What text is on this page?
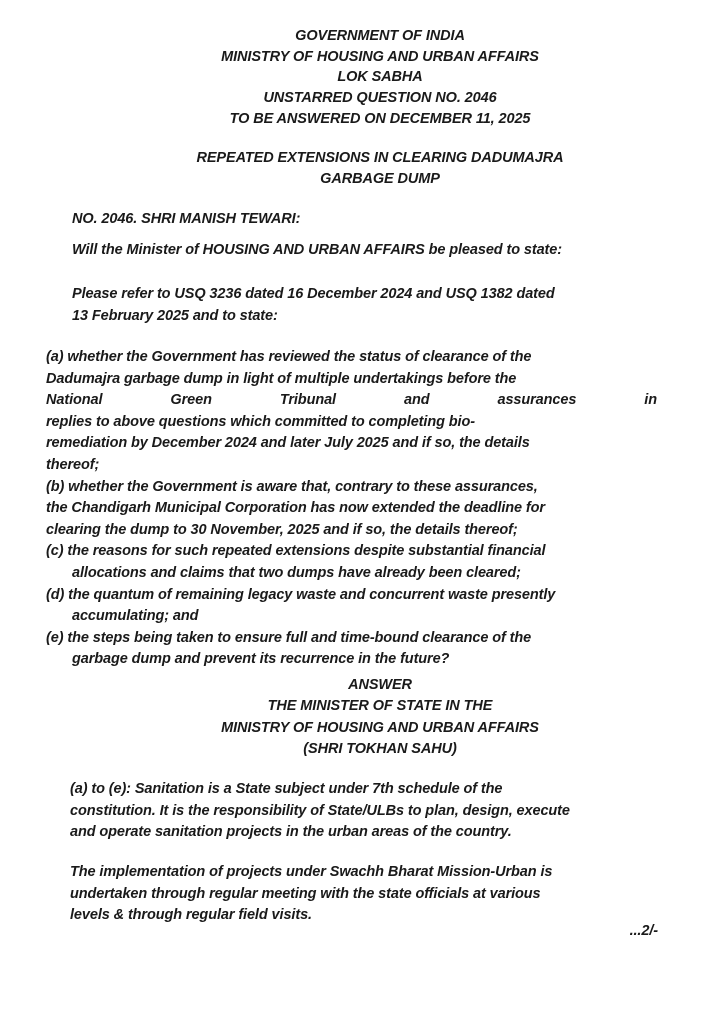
GOVERNMENT OF INDIA
MINISTRY OF HOUSING AND URBAN AFFAIRS
LOK SABHA
UNSTARRED QUESTION NO. 2046
TO BE ANSWERED ON DECEMBER 11, 2025
REPEATED EXTENSIONS IN CLEARING DADUMAJRA
GARBAGE DUMP
NO. 2046. SHRI MANISH TEWARI:
Will the Minister of HOUSING AND URBAN AFFAIRS be pleased to state:
Please refer to USQ 3236 dated 16 December 2024 and USQ 1382 dated
13 February 2025 and to state:
(a) whether the Government has reviewed the status of clearance of the
Dadumajra garbage dump in light of multiple undertakings before the
National Green Tribunal and assurances in
replies to above questions which committed to completing bio-
remediation by December 2024 and later July 2025 and if so, the details
thereof;
(b) whether the Government is aware that, contrary to these assurances,
the Chandigarh Municipal Corporation has now extended the deadline for
clearing the dump to 30 November, 2025 and if so, the details thereof;
(c) the reasons for such repeated extensions despite substantial financial
allocations and claims that two dumps have already been cleared;
(d) the quantum of remaining legacy waste and concurrent waste presently
accumulating; and
(e) the steps being taken to ensure full and time-bound clearance of the
garbage dump and prevent its recurrence in the future?
ANSWER
THE MINISTER OF STATE IN THE
MINISTRY OF HOUSING AND URBAN AFFAIRS
(SHRI TOKHAN SAHU)
(a) to (e): Sanitation is a State subject under 7th schedule of the
constitution. It is the responsibility of State/ULBs to plan, design, execute
and operate sanitation projects in the urban areas of the country.
The implementation of projects under Swachh Bharat Mission-Urban is
undertaken through regular meeting with the state officials at various
levels & through regular field visits.
...2/-
